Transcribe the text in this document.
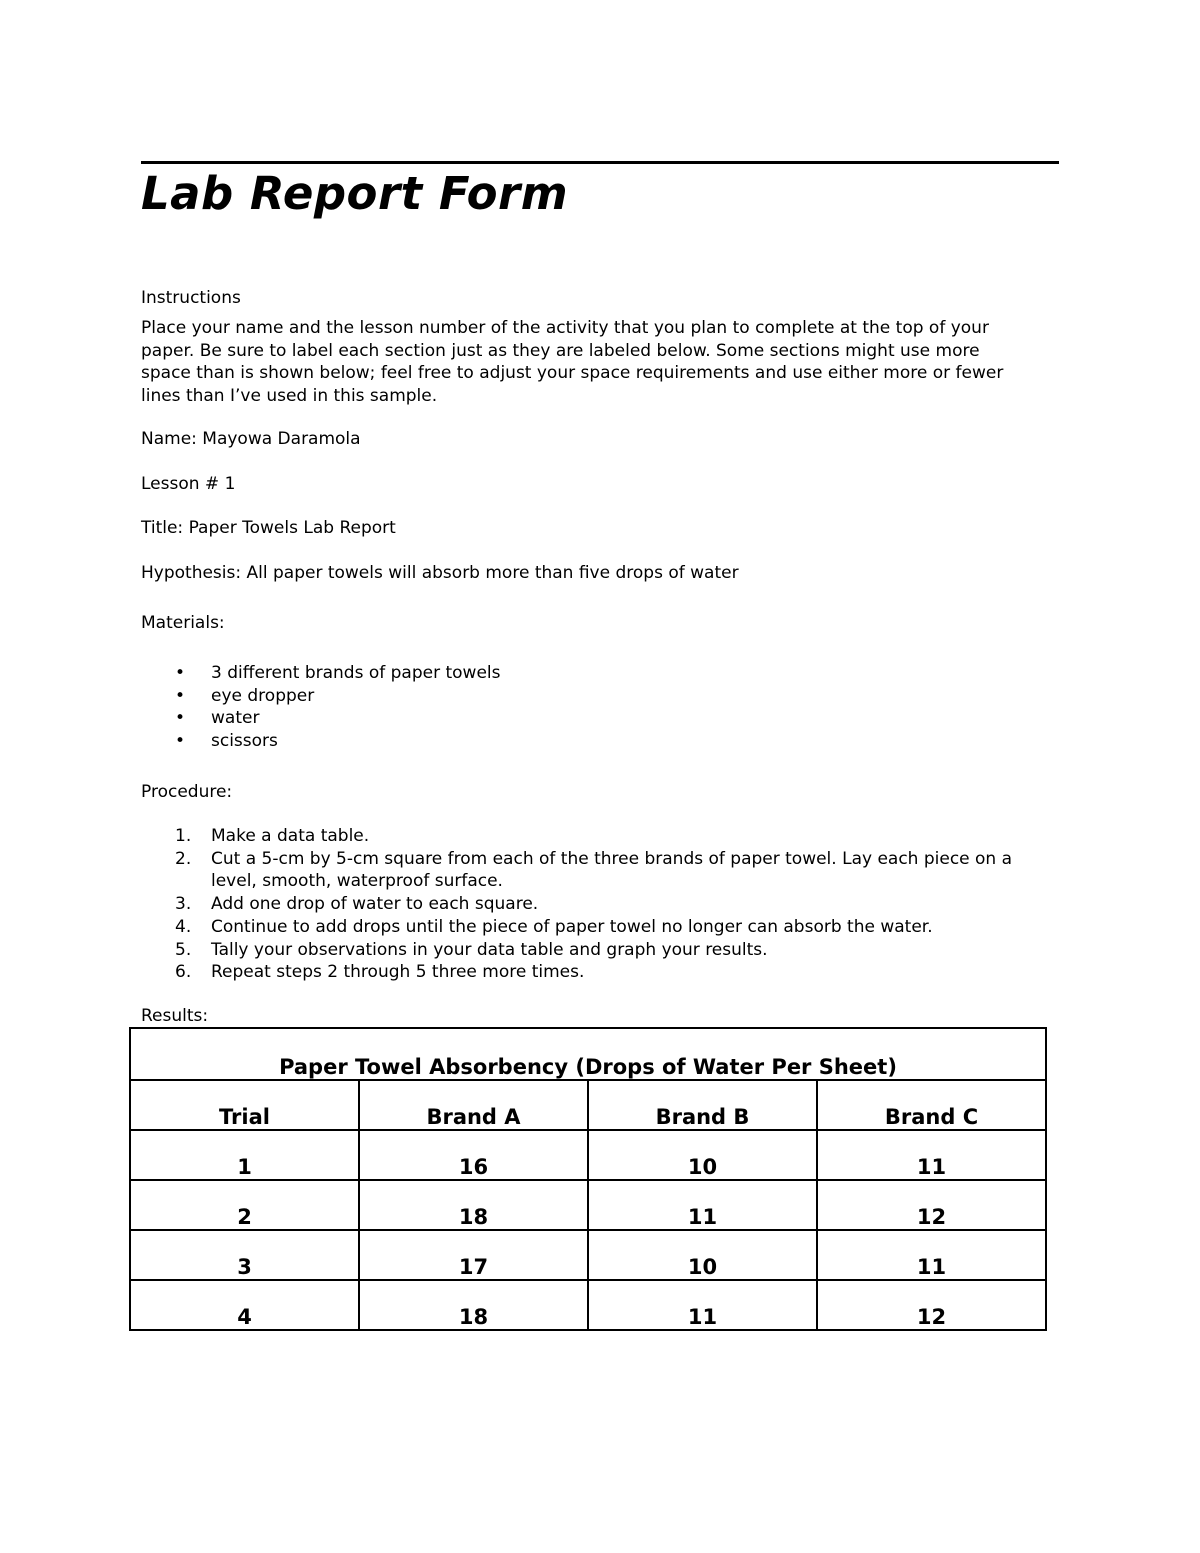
Lab Report Form

Instructions

Place your name and the lesson number of the activity that you plan to complete at the top of your
paper. Be sure to label each section just as they are labeled below. Some sections might use more
space than is shown below; feel free to adjust your space requirements and use either more or fewer
lines than I’ve used in this sample.

Name: Mayowa Daramola

Lesson # 1

Title: Paper Towels Lab Report

Hypothesis: All paper towels will absorb more than five drops of water

Materials:

• 3 different brands of paper towels
• eye dropper
• water
• scissors

Procedure:

1. Make a data table.
2. Cut a 5-cm by 5-cm square from each of the three brands of paper towel. Lay each piece on a
level, smooth, waterproof surface.
3. Add one drop of water to each square.
4. Continue to add drops until the piece of paper towel no longer can absorb the water.
5. Tally your observations in your data table and graph your results.
6. Repeat steps 2 through 5 three more times.

Results:

Paper Towel Absorbency (Drops of Water Per Sheet)			
Trial	Brand A	Brand B	Brand C
1	16	10	11
2	18	11	12
3	17	10	11
4	18	11	12
